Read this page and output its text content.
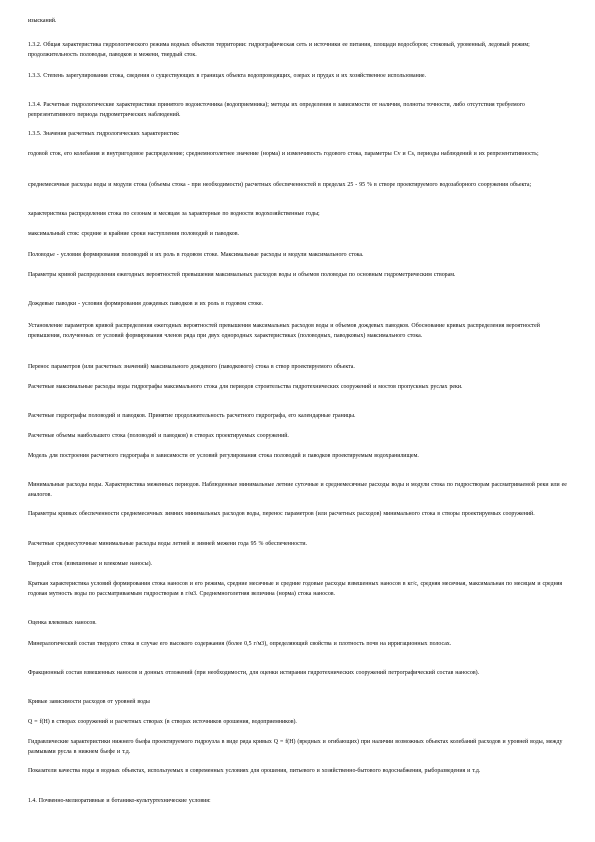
изысканий.

1.3.2. Общая характеристика гидрологического режима водных объектов территории: гидрографическая сеть и источники ее питания, площади водосборов; стоковый, уровенный, ледовый режим; продолжительность половодья, паводков и межени, твердый сток.

1.3.3. Степень зарегулирования стока, сведения о существующих в границах объекта водопроводящих, озерах и прудах и их хозяйственное использование.

1.3.4. Расчетные гидрологические характеристики принятого водоисточника (водоприемника); методы их определения в зависимости от наличия, полноты точности, либо отсутствия требуемого репрезентативного периода гидрометрических наблюдений.

1.3.5. Значения расчетных гидрологических характеристик:

годовой сток, его колебания и внутригодовое распределение; среднемноголетнее значение (норма) и изменчивость годового стока, параметры Cv и Cs, периоды наблюдений и их репрезентативность;

среднемесячные расходы воды и модули стока (объемы стока - при необходимости) расчетных обеспеченностей в пределах 25 - 95 % в створе проектируемого водозаборного сооружения объекта;

характеристика распределения стока по сезонам и месяцам за характерные по водности водохозяйственные годы;

максимальный сток: средние и крайние сроки наступления половодий и паводков.

Половодье - условия формирования половодий и их роль в годовом стоке. Максимальные расходы и модули максимального стока.

Параметры кривой распределения ежегодных вероятностей превышения максимальных расходов воды и объемов половодья по основным гидрометрическим створам.

Дождевые паводки - условия формирования дождевых паводков и их роль в годовом стоке.

Установление параметров кривой распределения ежегодных вероятностей превышения максимальных расходов воды и объемов дождевых паводков. Обоснование кривых распределения вероятностей превышения, полученных от условий формирования членов ряда при двух однородных характеристиках (половодных, паводковых) максимального стока.

Перенос параметров (или расчетных значений) максимального дождевого (паводкового) стока в створ проектируемого объекта.

Расчетные максимальные расходы воды гидрографы максимального стока для периодов строительства гидротехнических сооружений и мостов пропускных руслах реки.

Расчетные гидрографы половодий и паводков. Принятие продолжительность расчетного гидрографа, его календарные границы.

Расчетные объемы наибольшего стока (половодий и паводков) в створах проектируемых сооружений.

Модель для построения расчетного гидрографа в зависимости от условий регулирования стока половодий и паводков проектируемым водохранилищем.

Минимальные расходы воды. Характеристика меженных периодов. Наблюденные минимальные летние суточные и среднемесячные расходы воды и модули стока по гидростворам рассматриваемой реки или ее аналогов.

Параметры кривых обеспеченности среднемесячных зимних минимальных расходов воды, перенос параметров (или расчетных расходов) минимального стока в створы проектируемых сооружений.

Расчетные среднесуточные минимальные расходы воды летней и зимней межени года 95 % обеспеченности.

Твердый сток (взвешенные и влекомые наносы).

Краткая характеристика условий формирования стока наносов и его режима, средние месячные и средние годовые расходы взвешенных наносов в кг/с, средняя месячная, максимальная по месяцам и средняя годовая мутность воды по рассматриваемым гидростворам в г/м3. Среднемноголетняя величина (норма) стока наносов.

Оценка влекомых наносов.

Минералогический состав твердого стока в случае его высокого содержания (более 0,5 г/м3), определяющий свойства и плотность почв на ирригационных полосах.

Фракционный состав взвешенных наносов и донных отложений (при необходимости, для оценки истирания гидротехнических сооружений петрографический состав наносов).

Кривые зависимости расходов от уровней воды

Q = f(H) в створах сооружений и расчетных створах (в створах источников орошения, водоприемников).

Гидравлические характеристики нижнего бьефа проектируемого гидроузла в виде ряда кривых Q = f(H) (вредных и огибающих) при наличии возможных объектах колебаний расходов и уровней воды, между размывами русла в нижнем бьефе и т.д.

Показатели качества воды в водных объектах, используемых в современных условиях для орошения, питьевого и хозяйственно-бытового водоснабжения, рыборазведения и т.д.

1.4. Почвенно-мелиоративные и ботанико-культуртехнические условия:
